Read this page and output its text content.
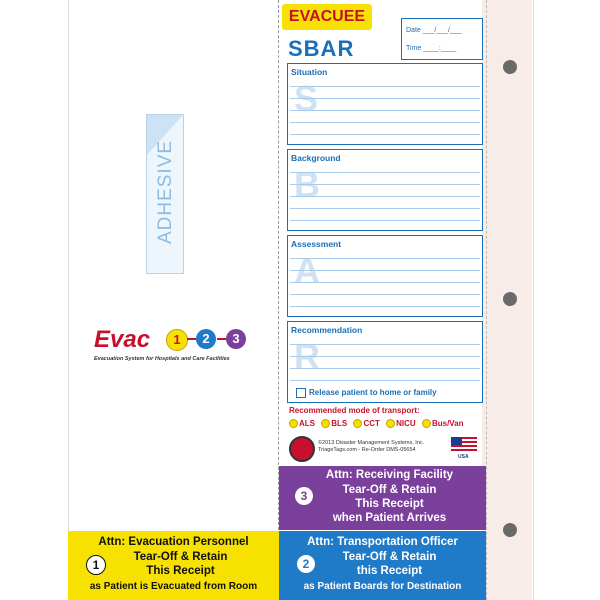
ADHESIVE
Evac	1	2	3
Evacuation System for Hospitals and Care Facilities
EVACUEE
SBAR
Date ___/___/___
Time ____:____
Situation
S
Background
B
Assessment
A
Recommendation
R
Release patient to home or family
Recommended mode of transport:
ALS BLS CCT NICU Bus/Van
©2013 Disaster Management Systems, Inc.
TriageTags.com - Re-Order DMS-05654
USA
Attn: Receiving Facility
Tear-Off & Retain
This Receipt
when Patient Arrives
3
Attn: Evacuation Personnel
Tear-Off & Retain
This Receipt
as Patient is Evacuated from Room
1
Attn: Transportation Officer
Tear-Off & Retain
this Receipt
as Patient Boards for Destination
2
